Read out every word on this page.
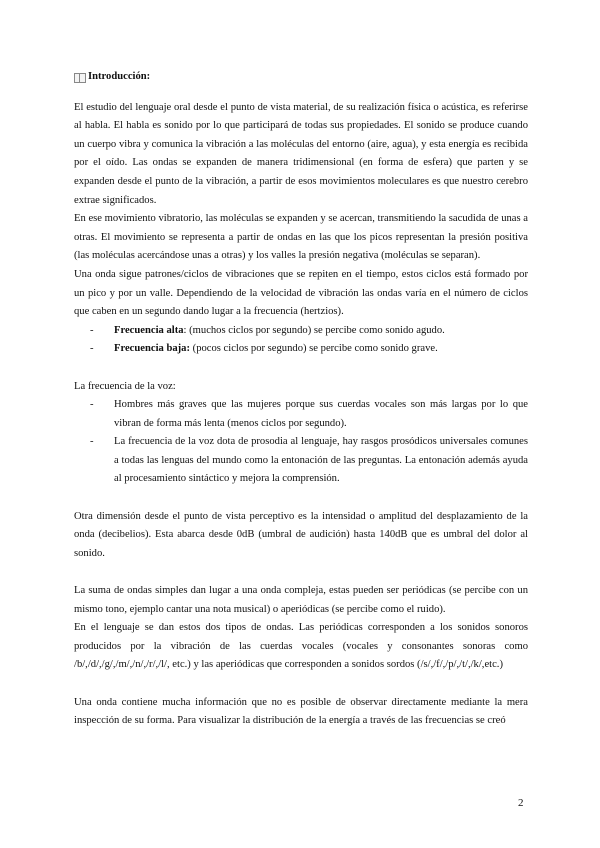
Introducción:

El estudio del lenguaje oral desde el punto de vista material, de su realización física o acústica, es referirse al habla. El habla es sonido por lo que participará de todas sus propiedades. El sonido se produce cuando un cuerpo vibra y comunica la vibración a las moléculas del entorno (aire, agua), y esta energía es recibida por el oído. Las ondas se expanden de manera tridimensional (en forma de esfera) que parten y se expanden desde el punto de la vibración, a partir de esos movimientos moleculares es que nuestro cerebro extrae significados.

En ese movimiento vibratorio, las moléculas se expanden y se acercan, transmitiendo la sacudida de unas a otras. El movimiento se representa a partir de ondas en las que los picos representan la presión positiva (las moléculas acercándose unas a otras) y los valles la presión negativa (moléculas se separan).

Una onda sigue patrones/ciclos de vibraciones que se repiten en el tiempo, estos ciclos está formado por un pico y por un valle. Dependiendo de la velocidad de vibración las ondas varía en el número de ciclos que caben en un segundo dando lugar a la frecuencia (hertzios).

- Frecuencia alta: (muchos ciclos por segundo) se percibe como sonido agudo.
- Frecuencia baja: (pocos ciclos por segundo) se percibe como sonido grave.

La frecuencia de la voz:

- Hombres más graves que las mujeres porque sus cuerdas vocales son más largas por lo que vibran de forma más lenta (menos ciclos por segundo).
- La frecuencia de la voz dota de prosodia al lenguaje, hay rasgos prosódicos universales comunes a todas las lenguas del mundo como la entonación de las preguntas. La entonación además ayuda al procesamiento sintáctico y mejora la comprensión.

Otra dimensión desde el punto de vista perceptivo es la intensidad o amplitud del desplazamiento de la onda (decibelios). Esta abarca desde 0dB (umbral de audición) hasta 140dB que es umbral del dolor al sonido.

La suma de ondas simples dan lugar a una onda compleja, estas pueden ser periódicas (se percibe con un mismo tono, ejemplo cantar una nota musical) o aperiódicas (se percibe como el ruido).

En el lenguaje se dan estos dos tipos de ondas. Las periódicas corresponden a los sonidos sonoros producidos por la vibración de las cuerdas vocales (vocales y consonantes sonoras como /b/,/d/,/g/,/m/,/n/,/r/,/l/, etc.) y las aperiódicas que corresponden a sonidos sordos (/s/,/f/,/p/,/t/,/k/,etc.)

Una onda contiene mucha información que no es posible de observar directamente mediante la mera inspección de su forma. Para visualizar la distribución de la energía a través de las frecuencias se creó

2
